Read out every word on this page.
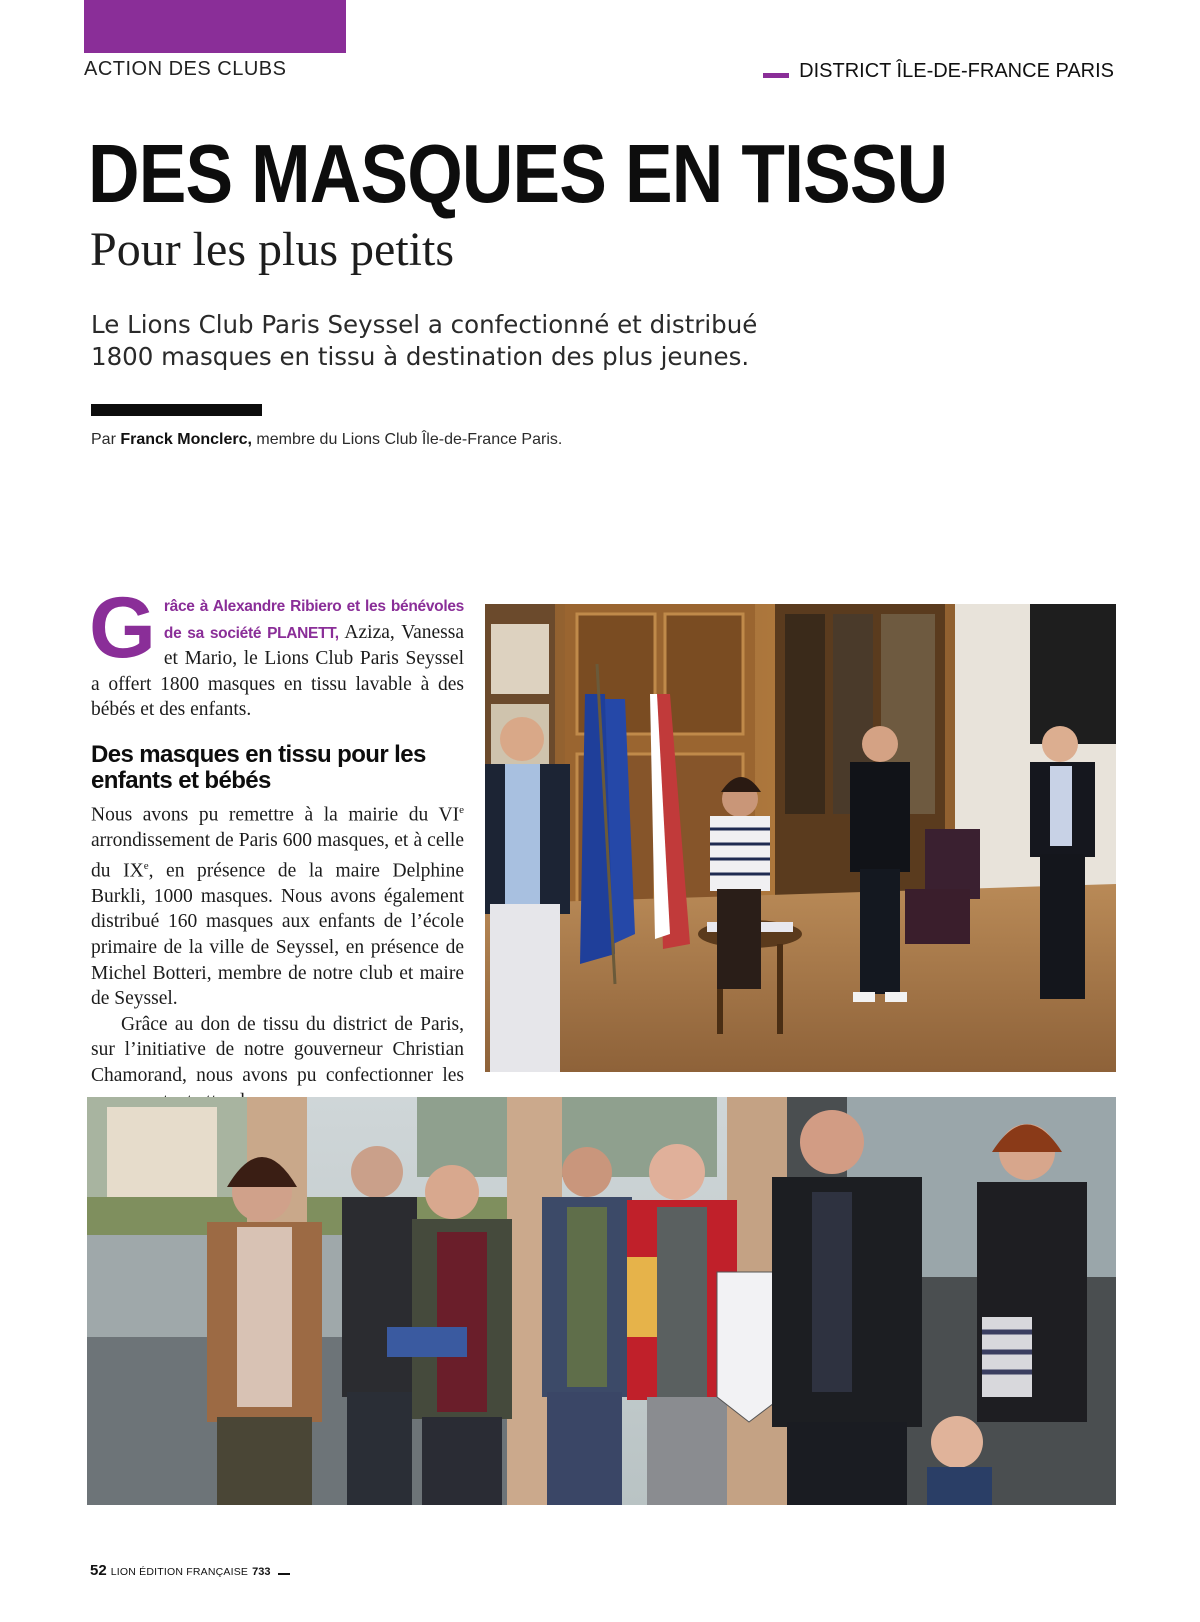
ACTION DES CLUBS	DISTRICT ÎLE-DE-FRANCE PARIS
DES MASQUES EN TISSU
Pour les plus petits
Le Lions Club Paris Seyssel a confectionné et distribué 1800 masques en tissu à destination des plus jeunes.
Par Franck Monclerc, membre du Lions Club Île-de-France Paris.

Grâce à Alexandre Ribiero et les bénévoles de sa société PLANETT, Aziza, Vanessa et Mario, le Lions Club Paris Seyssel a offert 1800 masques en tissu lavable à des bébés et des enfants.

Des masques en tissu pour les enfants et bébés

Nous avons pu remettre à la mairie du VIe arrondissement de Paris 600 masques, et à celle du IXe, en présence de la maire Delphine Burkli, 1000 masques. Nous avons également distribué 160 masques aux enfants de l’école primaire de la ville de Seyssel, en présence de Michel Botteri, membre de notre club et maire de Seyssel.

Grâce au don de tissu du district de Paris, sur l’initiative de notre gouverneur Christian Chamorand, nous avons pu confectionner les

52 LION ÉDITION FRANÇAISE 733
